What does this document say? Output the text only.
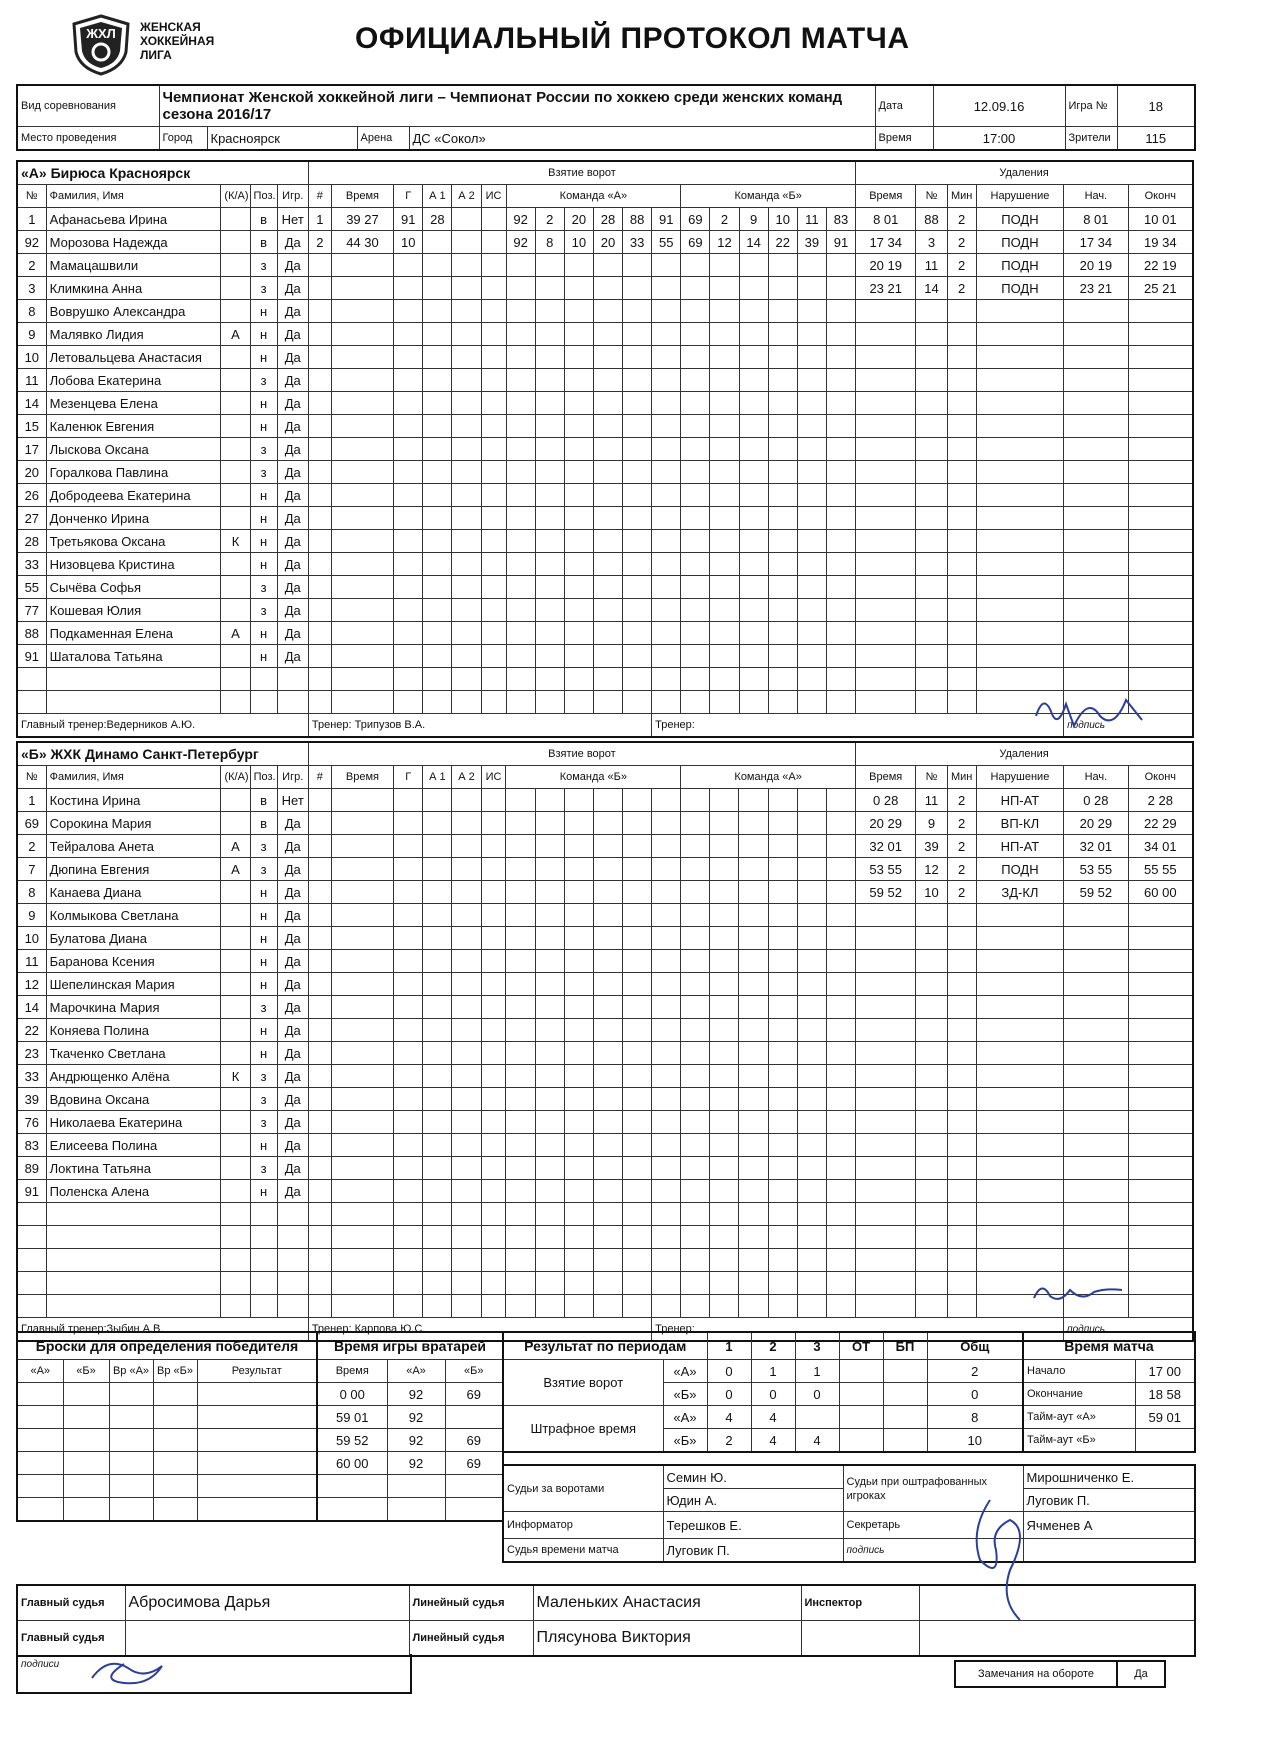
ЖХЛ ЖЕНСКАЯ
ХОККЕЙНАЯ
ЛИГА	ОФИЦИАЛЬНЫЙ ПРОТОКОЛ МАТЧА
Вид соревнования	Чемпионат Женской хоккейной лиги – Чемпионат России по хоккею среди женских команд сезона 2016/17				Дата	12.09.16	Игра №	18
Место проведения	Город	Красноярск	Арена	ДС «Сокол»	Время	17:00	Зрители	115
«А» Бирюса Красноярск					Взятие ворот																		Удаления					
№	Фамилия, Имя	(К/А)	Поз.	Игр.	#	Время	Г	А 1	А 2	ИС	Команда «А»						Команда «Б»						Время	№	Мин	Нарушение	Нач.	Оконч
1	Афанасьева Ирина		в	Нет	1	39 27	91	28			92	2	20	28	88	91	69	2	9	10	11	83	8 01	88	2	ПОДН	8 01	10 01
92	Морозова Надежда		в	Да	2	44 30	10				92	8	10	20	33	55	69	12	14	22	39	91	17 34	3	2	ПОДН	17 34	19 34
2	Мамацашвили		з	Да																			20 19	11	2	ПОДН	20 19	22 19
3	Климкина Анна		з	Да																			23 21	14	2	ПОДН	23 21	25 21
8	Воврушко Александра		н	Да																								
9	Малявко Лидия	А	н	Да																								
10	Летовальцева Анастасия		н	Да																								
11	Лобова Екатерина		з	Да																								
14	Мезенцева Елена		н	Да																								
15	Каленюк Евгения		н	Да																								
17	Лыскова Оксана		з	Да																								
20	Горалкова Павлина		з	Да																								
26	Добродеева Екатерина		н	Да																								
27	Донченко Ирина		н	Да																								
28	Третьякова Оксана	К	н	Да																								
33	Низовцева Кристина		н	Да																								
55	Сычёва Софья		з	Да																								
77	Кошевая Юлия		з	Да																								
88	Подкаменная Елена	А	н	Да																								
91	Шаталова Татьяна		н	Да																								

Главный тренер:Ведерников А.Ю.					Тренер: Трипузов В.А.											Тренер:											подпись	
«Б» ЖХК Динамо Санкт-Петербург					Взятие ворот																		Удаления					
№	Фамилия, Имя	(К/А)	Поз.	Игр.	#	Время	Г	А 1	А 2	ИС	Команда «Б»						Команда «А»						Время	№	Мин	Нарушение	Нач.	Оконч
1	Костина Ирина		в	Нет																			0 28	11	2	НП-АТ	0 28	2 28
69	Сорокина Мария		в	Да																			20 29	9	2	ВП-КЛ	20 29	22 29
2	Тейралова Анета	А	з	Да																			32 01	39	2	НП-АТ	32 01	34 01
7	Дюпина Евгения	А	з	Да																			53 55	12	2	ПОДН	53 55	55 55
8	Канаева Диана		н	Да																			59 52	10	2	ЗД-КЛ	59 52	60 00
9	Колмыкова Светлана		н	Да																								
10	Булатова Диана		н	Да																								
11	Баранова Ксения		н	Да																								
12	Шепелинская Мария		н	Да																								
14	Марочкина Мария		з	Да																								
22	Коняева Полина		н	Да																								
23	Ткаченко Светлана		н	Да																								
33	Андрющенко Алёна	К	з	Да																								
39	Вдовина Оксана		з	Да																								
76	Николаева Екатерина		з	Да																								
83	Елисеева Полина		н	Да																								
89	Локтина Татьяна		з	Да																								
91	Поленска Алена		н	Да																								

Главный тренер:Зыбин А.В.					Тренер: Карпова Ю.С.											Тренер:											подпись	
Броски для определения победителя				
«А»	«Б»	Вр «А»	Вр «Б»	Результат

Время игры вратарей		
Время	«А»	«Б»
0 00	92	69
59 01	92	
59 52	92	69
60 00	92	69

Результат по периодам		1	2	3	ОТ	БП	Общ
Взятие ворот	«А»	0	1	1			2
	«Б»	0	0	0			0
Штрафное время	«А»	4	4				8
	«Б»	2	4	4			10
Время матча	
Начало	17 00
Окончание	18 58
Тайм-аут «А»	59 01
Тайм-аут «Б»	
Судьи за воротами	Семин Ю.	Судьи при оштрафованных игроках	Мирошниченко Е.
	Юдин А.		Луговик П.
Информатор	Терешков Е.	Секретарь	Ячменев А
Судья времени матча	Луговик П.	подпись	
Главный судья	Абросимова Дарья	Линейный судья	Маленьких Анастасия	Инспектор	
Главный судья		Линейный судья	Плясунова Виктория		
подписи
Замечания на обороте	Да
